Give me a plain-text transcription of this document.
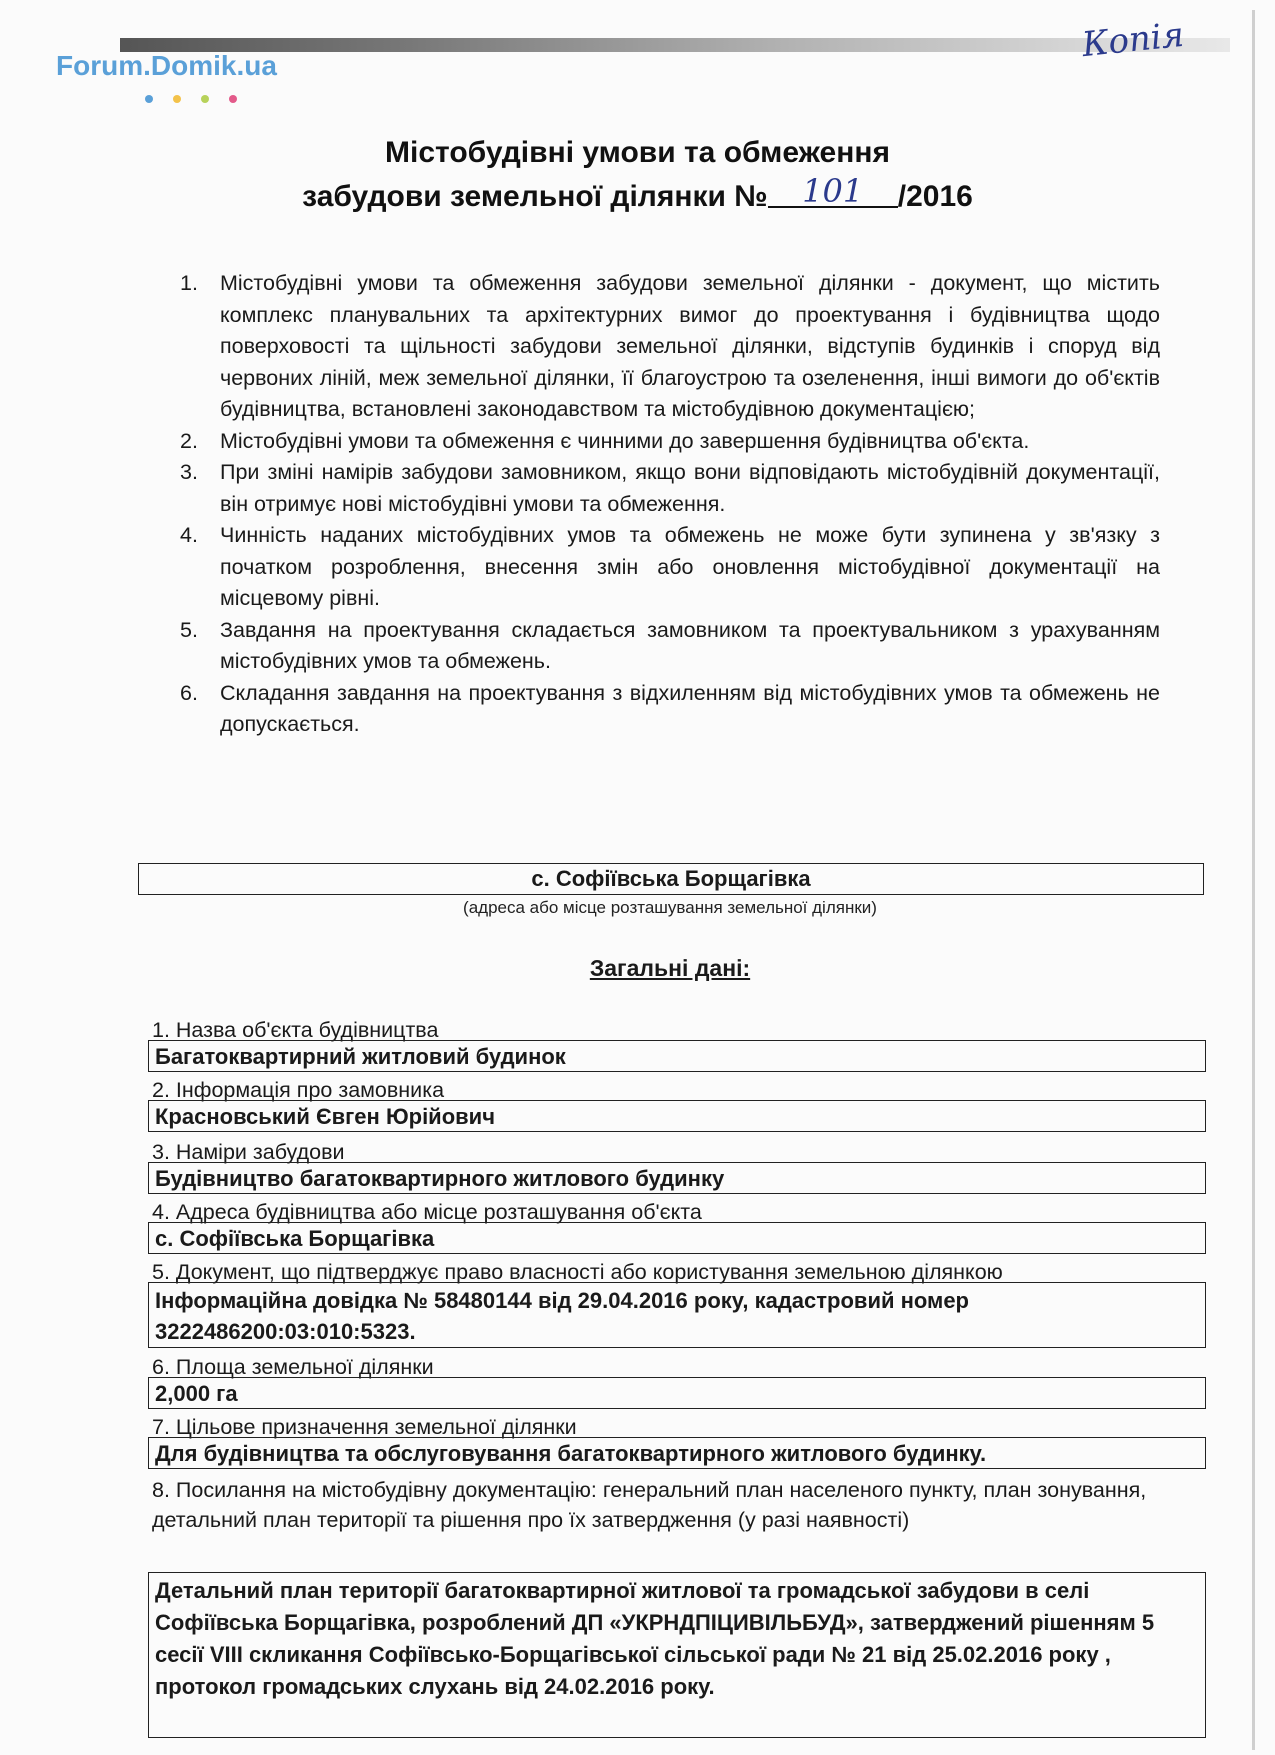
Forum.Domik.ua
Копія
Містобудівні умови та обмеження
забудови земельної ділянки № 101 /2016
1. Містобудівні умови та обмеження забудови земельної ділянки - документ, що містить комплекс планувальних та архітектурних вимог до проектування і будівництва щодо поверховості та щільності забудови земельної ділянки, відступів будинків і споруд від червоних ліній, меж земельної ділянки, її благоустрою та озеленення, інші вимоги до об'єктів будівництва, встановлені законодавством та містобудівною документацією;
2. Містобудівні умови та обмеження є чинними до завершення будівництва об'єкта.
3. При зміні намірів забудови замовником, якщо вони відповідають містобудівній документації, він отримує нові містобудівні умови та обмеження.
4. Чинність наданих містобудівних умов та обмежень не може бути зупинена у зв'язку з початком розроблення, внесення змін або оновлення містобудівної документації на місцевому рівні.
5. Завдання на проектування складається замовником та проектувальником з урахуванням містобудівних умов та обмежень.
6. Складання завдання на проектування з відхиленням від містобудівних умов та обмежень не допускається.
с. Софіївська Борщагівка
(адреса або місце розташування земельної ділянки)
Загальні дані:
1. Назва об'єкта будівництва
Багатоквартирний житловий будинок
2. Інформація про замовника
Красновський Євген Юрійович
3. Наміри забудови
Будівництво багатоквартирного житлового будинку
4. Адреса будівництва або місце розташування об'єкта
с. Софіївська Борщагівка
5. Документ, що підтверджує право власності або користування земельною ділянкою
Інформаційна довідка № 58480144 від 29.04.2016 року, кадастровий номер 3222486200:03:010:5323.
6. Площа земельної ділянки
2,000 га
7. Цільове призначення земельної ділянки
Для будівництва та обслуговування багатоквартирного житлового будинку.
8. Посилання на містобудівну документацію: генеральний план населеного пункту, план зонування, детальний план території та рішення про їх затвердження (у разі наявності)
Детальний план території багатоквартирної житлової та громадської забудови в селі Софіївська Борщагівка, розроблений ДП «УКРНДПІЦИВІЛЬБУД», затверджений рішенням 5 сесії VIII скликання Софіївсько-Борщагівської сільської ради № 21 від 25.02.2016 року , протокол громадських слухань від 24.02.2016 року.
